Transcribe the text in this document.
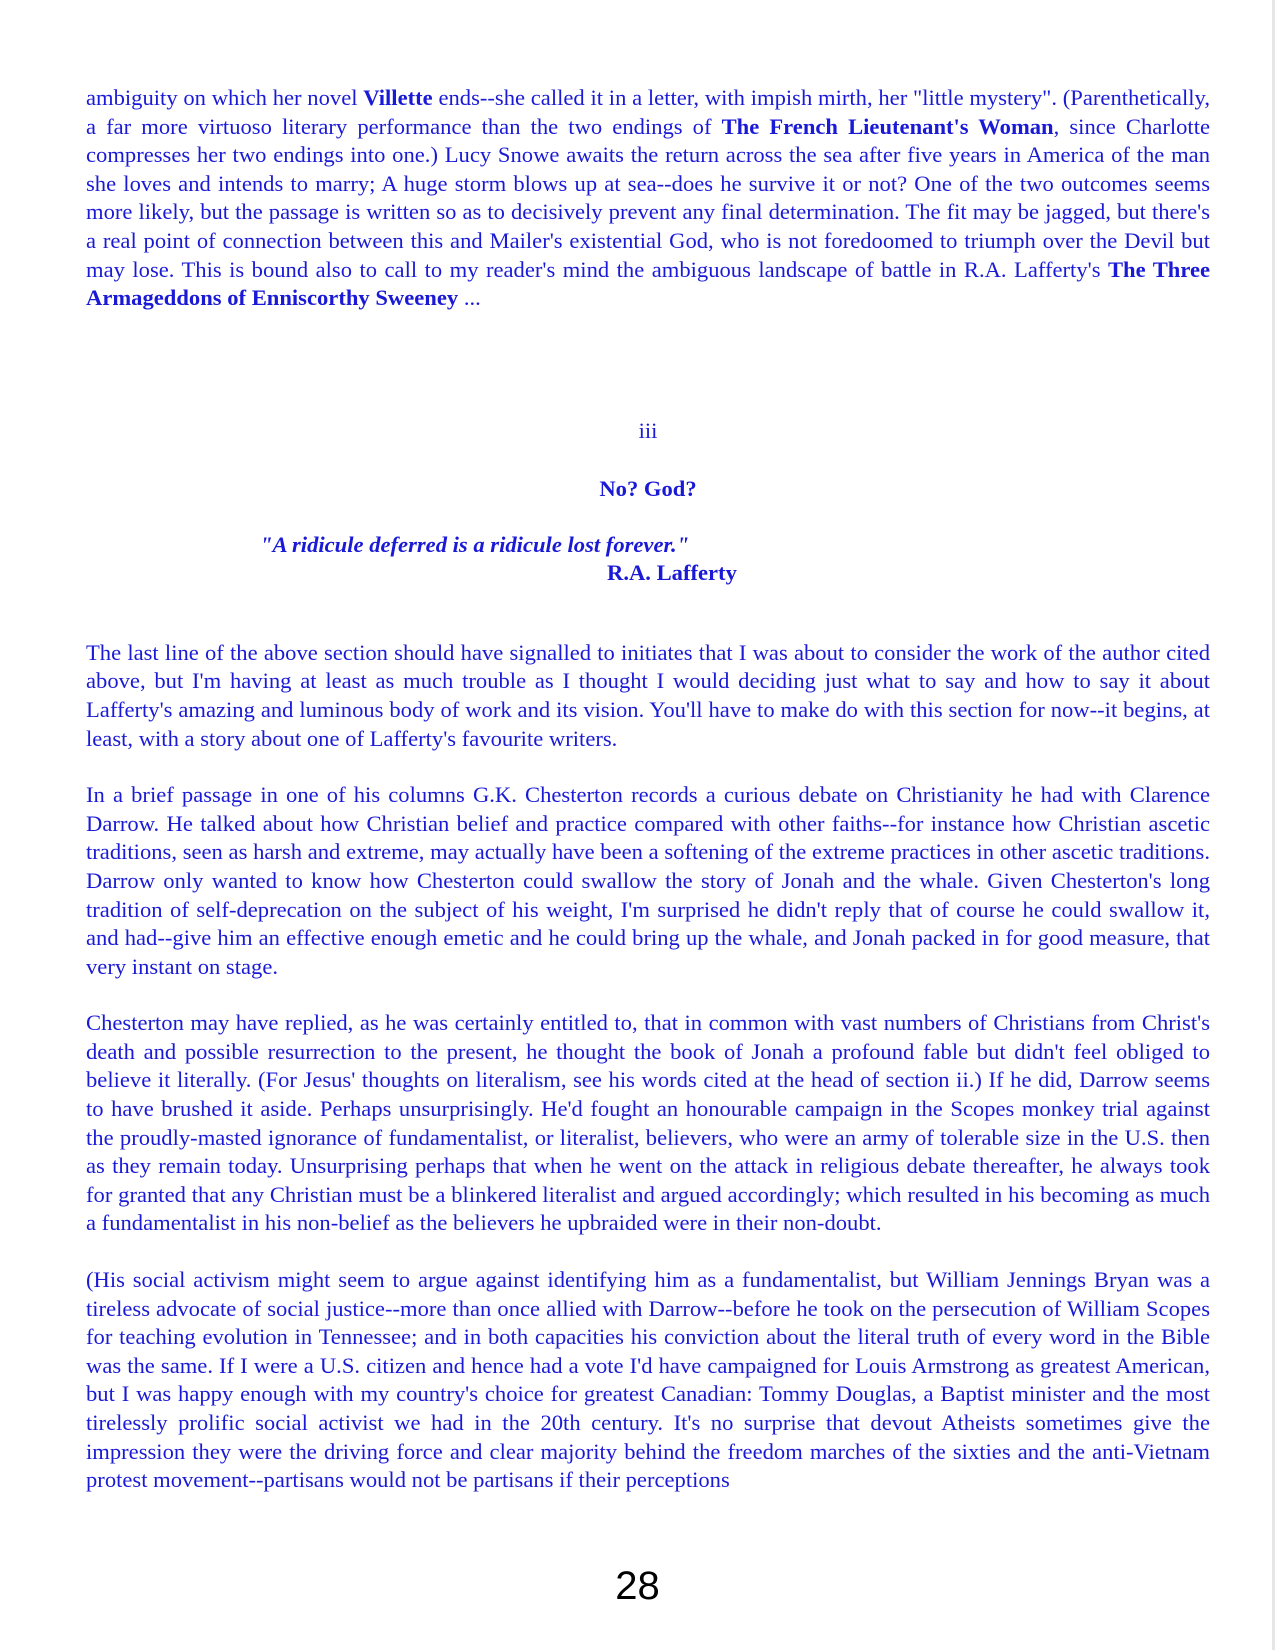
ambiguity on which her novel Villette ends--she called it in a letter, with impish mirth, her "little mystery". (Parenthetically, a far more virtuoso literary performance than the two endings of The French Lieutenant's Woman, since Charlotte compresses her two endings into one.) Lucy Snowe awaits the return across the sea after five years in America of the man she loves and intends to marry; A huge storm blows up at sea--does he survive it or not? One of the two outcomes seems more likely, but the passage is written so as to decisively prevent any final determination. The fit may be jagged, but there's a real point of connection between this and Mailer's existential God, who is not foredoomed to triumph over the Devil but may lose. This is bound also to call to my reader's mind the ambiguous landscape of battle in R.A. Lafferty's The Three Armageddons of Enniscorthy Sweeney ...

iii

No? God?

"A ridicule deferred is a ridicule lost forever."
R.A. Lafferty

The last line of the above section should have signalled to initiates that I was about to consider the work of the author cited above, but I'm having at least as much trouble as I thought I would deciding just what to say and how to say it about Lafferty's amazing and luminous body of work and its vision. You'll have to make do with this section for now--it begins, at least, with a story about one of Lafferty's favourite writers.

In a brief passage in one of his columns G.K. Chesterton records a curious debate on Christianity he had with Clarence Darrow. He talked about how Christian belief and practice compared with other faiths--for instance how Christian ascetic traditions, seen as harsh and extreme, may actually have been a softening of the extreme practices in other ascetic traditions. Darrow only wanted to know how Chesterton could swallow the story of Jonah and the whale. Given Chesterton's long tradition of self-deprecation on the subject of his weight, I'm surprised he didn't reply that of course he could swallow it, and had--give him an effective enough emetic and he could bring up the whale, and Jonah packed in for good measure, that very instant on stage.

Chesterton may have replied, as he was certainly entitled to, that in common with vast numbers of Christians from Christ's death and possible resurrection to the present, he thought the book of Jonah a profound fable but didn't feel obliged to believe it literally. (For Jesus' thoughts on literalism, see his words cited at the head of section ii.) If he did, Darrow seems to have brushed it aside. Perhaps unsurprisingly. He'd fought an honourable campaign in the Scopes monkey trial against the proudly-masted ignorance of fundamentalist, or literalist, believers, who were an army of tolerable size in the U.S. then as they remain today. Unsurprising perhaps that when he went on the attack in religious debate thereafter, he always took for granted that any Christian must be a blinkered literalist and argued accordingly; which resulted in his becoming as much a fundamentalist in his non-belief as the believers he upbraided were in their non-doubt.

(His social activism might seem to argue against identifying him as a fundamentalist, but William Jennings Bryan was a tireless advocate of social justice--more than once allied with Darrow--before he took on the persecution of William Scopes for teaching evolution in Tennessee; and in both capacities his conviction about the literal truth of every word in the Bible was the same. If I were a U.S. citizen and hence had a vote I'd have campaigned for Louis Armstrong as greatest American, but I was happy enough with my country's choice for greatest Canadian: Tommy Douglas, a Baptist minister and the most tirelessly prolific social activist we had in the 20th century. It's no surprise that devout Atheists sometimes give the impression they were the driving force and clear majority behind the freedom marches of the sixties and the anti-Vietnam protest movement--partisans would not be partisans if their perceptions

28
